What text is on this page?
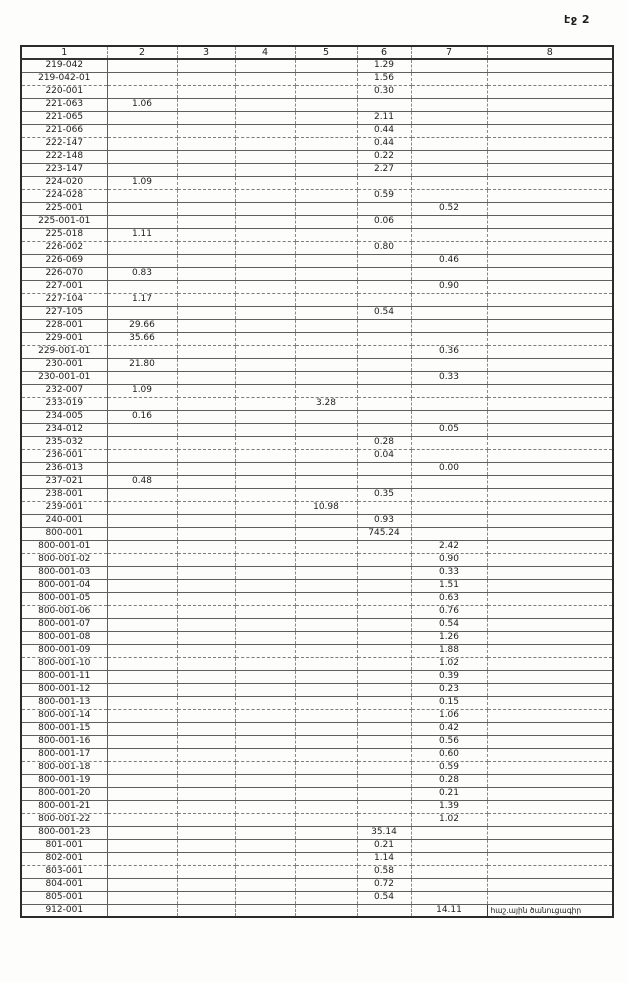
էջ 2
1	2	3	4	5	6	7	8
219-042					1.29		
219-042-01					1.56		
220-001					0.30		
221-063	1.06						
221-065					2.11		
221-066					0.44		
222-147					0.44		
222-148					0.22		
223-147					2.27		
224-020	1.09						
224-028					0.59		
225-001						0.52	
225-001-01					0.06		
225-018	1.11						
226-002					0.80		
226-069						0.46	
226-070	0.83						
227-001						0.90	
227-104	1.17						
227-105					0.54		
228-001	29.66						
229-001	35.66						
229-001-01						0.36	
230-001	21.80						
230-001-01						0.33	
232-007	1.09						
233-019				3.28			
234-005	0.16						
234-012						0.05	
235-032					0.28		
236-001					0.04		
236-013						0.00	
237-021	0.48						
238-001					0.35		
239-001				10.98			
240-001					0.93		
800-001					745.24		
800-001-01						2.42	
800-001-02						0.90	
800-001-03						0.33	
800-001-04						1.51	
800-001-05						0.63	
800-001-06						0.76	
800-001-07						0.54	
800-001-08						1.26	
800-001-09						1.88	
800-001-10						1.02	
800-001-11						0.39	
800-001-12						0.23	
800-001-13						0.15	
800-001-14						1.06	
800-001-15						0.42	
800-001-16						0.56	
800-001-17						0.60	
800-001-18						0.59	
800-001-19						0.28	
800-001-20						0.21	
800-001-21						1.39	
800-001-22						1.02	
800-001-23					35.14		
801-001					0.21		
802-001					1.14		
803-001					0.58		
804-001					0.72		
805-001					0.54		
912-001						14.11	հաշ.ային ծանուցագիր
